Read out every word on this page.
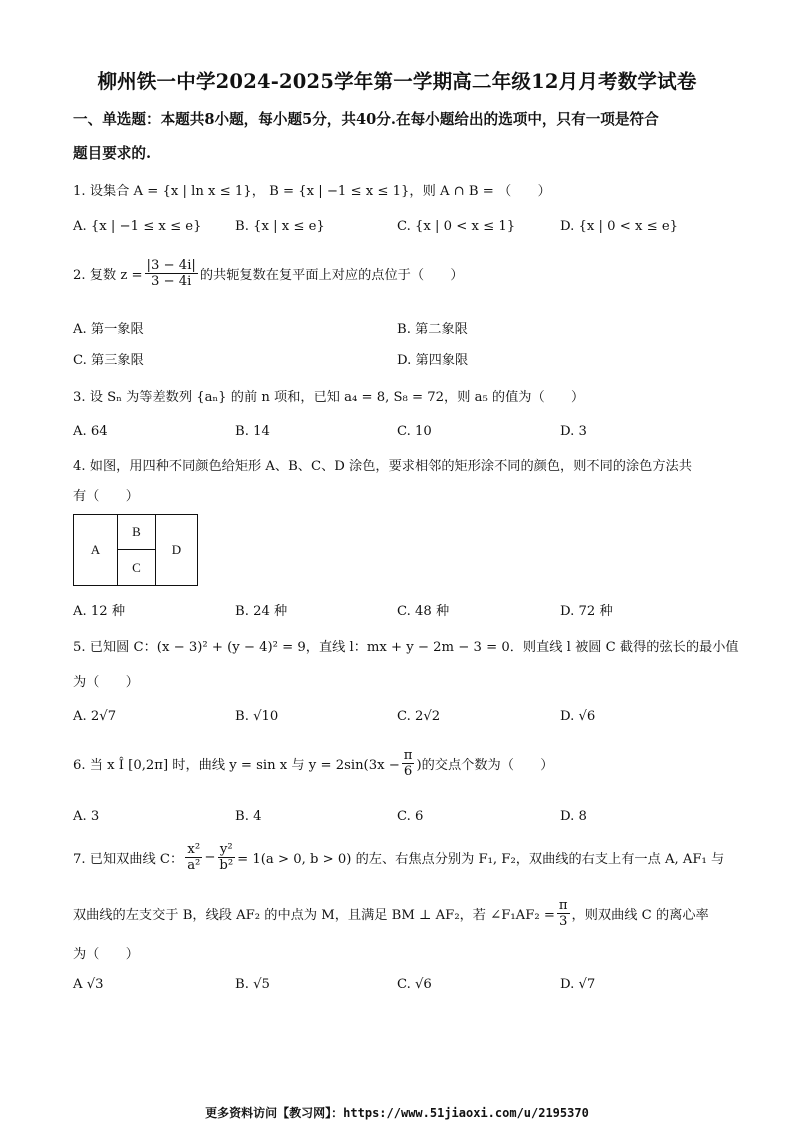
柳州铁一中学2024-2025学年第一学期高二年级12月月考数学试卷
一、单选题：本题共8小题，每小题5分，共40分.在每小题给出的选项中，只有一项是符合
题目要求的.
1. 设集合 A = {x | ln x ≤ 1}， B = {x | −1 ≤ x ≤ 1}，则 A ∩ B = （　　）
A. {x | −1 ≤ x ≤ e}	B. {x | x ≤ e}	C. {x | 0 < x ≤ 1}	D. {x | 0 < x ≤ e}
2. 复数 $z = \frac{|3 - 4i|}{3 - 4i}$ 的共轭复数在复平面上对应的点位于（　　）
A. 第一象限	B. 第二象限
C. 第三象限	D. 第四象限
3. 设 Sₙ 为等差数列 {aₙ} 的前 n 项和，已知 a₄ = 8, S₈ = 72，则 a₅ 的值为（　　）
A. 64	B. 14	C. 10	D. 3
4. 如图，用四种不同颜色给矩形 A、B、C、D 涂色，要求相邻的矩形涂不同的颜色，则不同的涂色方法共
有（　　）
A
B
C
D
A. 12 种	B. 24 种	C. 48 种	D. 72 种
5. 已知圆 C：(x − 3)² + (y − 4)² = 9，直线 l：mx + y − 2m − 3 = 0．则直线 l 被圆 C 截得的弦长的最小值
为（　　）
A. 2√7	B. √10	C. 2√2	D. √6
6. 当 x Î [0,2π] 时，曲线 y = sin x 与 $y = 2\sin(3x - \frac{\pi}{6}$ )的交点个数为（　　）
A. 3	B. 4	C. 6	D. 8
7. 已知双曲线 C： $\frac{\text{x²}}{\text{a²}} - \frac{\text{y²}}{\text{b²}} = 1(a > 0$, b > 0) 的左、右焦点分别为 F₁, F₂，双曲线的右支上有一点 A, AF₁ 与
双曲线的左支交于 B，线段 AF₂ 的中点为 M，且满足 BM ⊥ AF₂，若 ∠F₁AF₂ = $\frac{\pi}{3}$ ，则双曲线 C 的离心率
为（　　）
A √3	B. √5	C. √6	D. √7
更多资料访问【教习网】：https://www.51jiaoxi.com/u/2195370
